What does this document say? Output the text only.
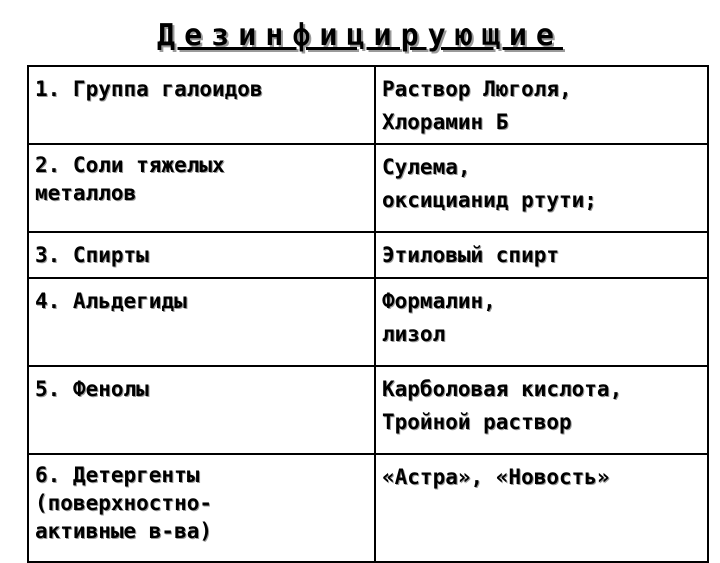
Дезинфицирующие
1. Группа галоидов	Раствор Люголя,
Хлорамин Б

2. Соли тяжелых
металлов	Сулема,
оксицианид ртути;

3. Спирты	Этиловый спирт

4. Альдегиды	Формалин,
лизол

5. Фенолы	Карболовая кислота,
Тройной раствор

6. Детергенты
(поверхностно-
активные в-ва)	«Астра», «Новость»
